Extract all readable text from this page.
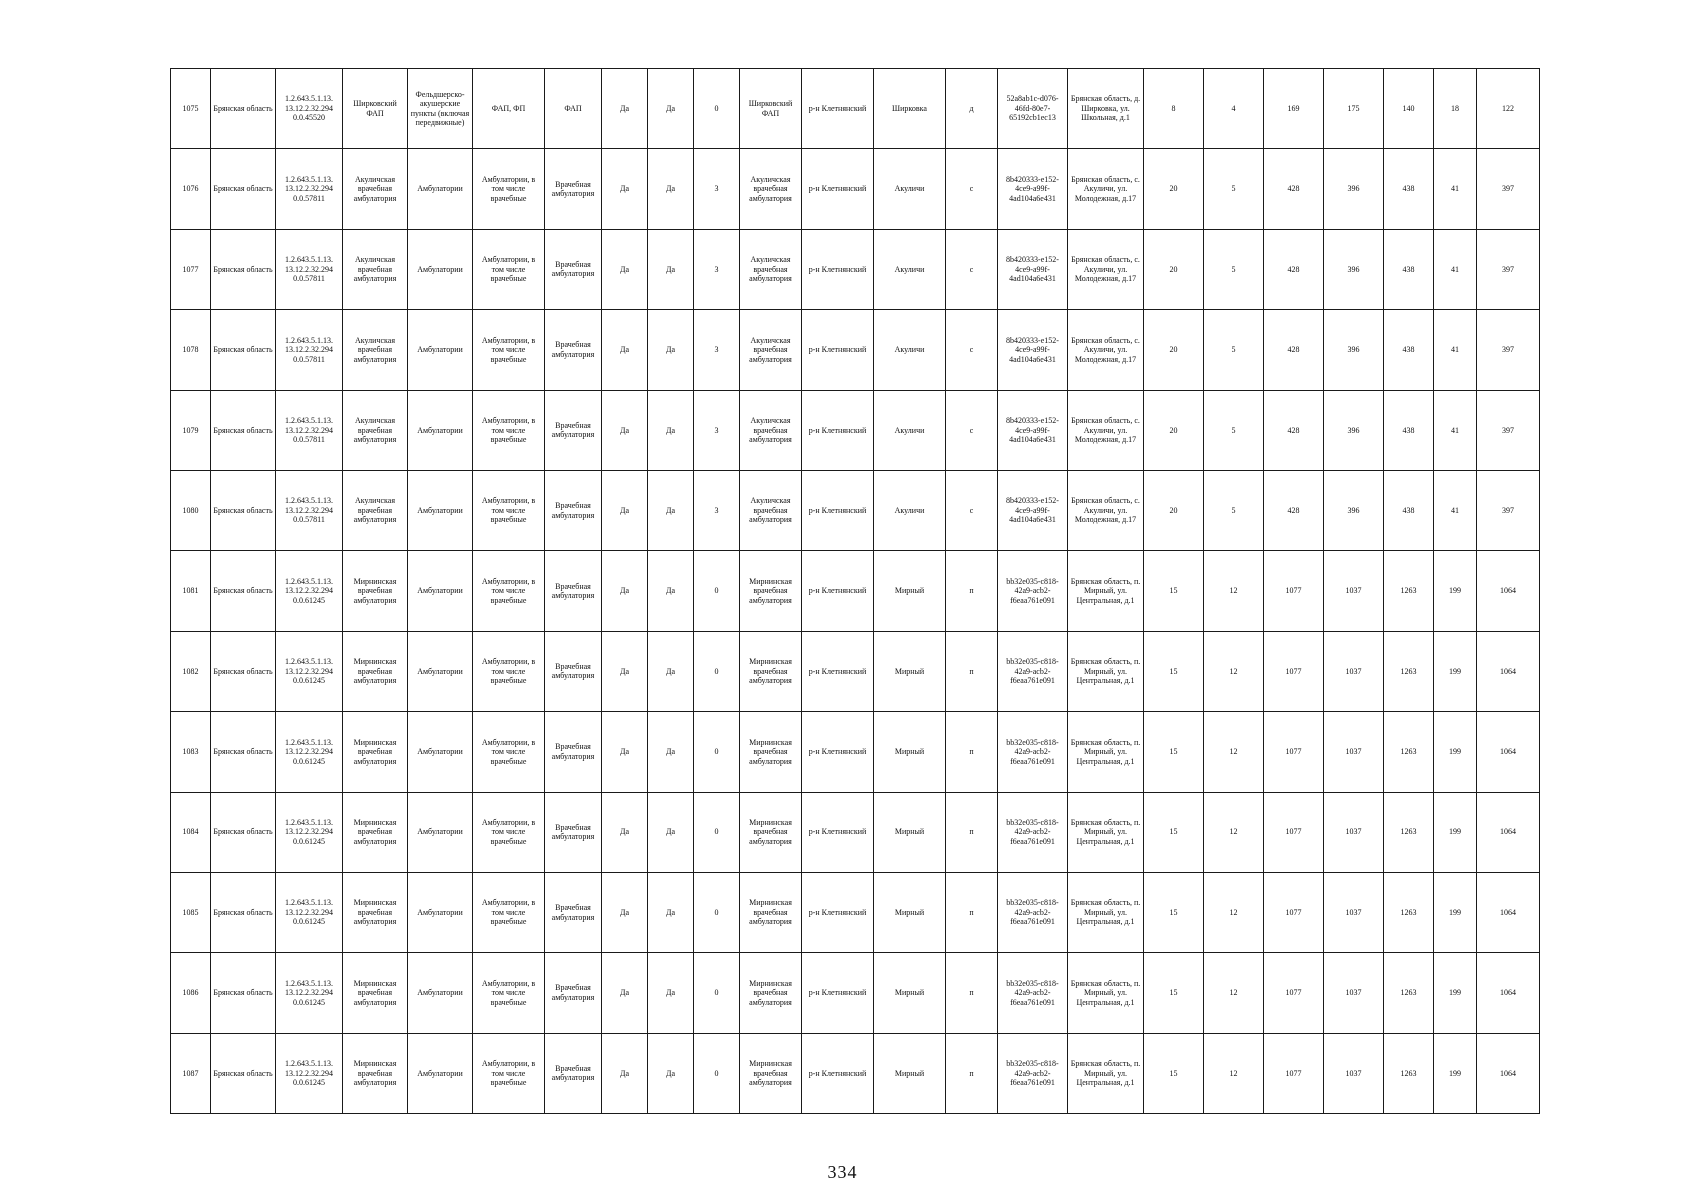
1075	Брянская область	1.2.643.5.1.13. 13.12.2.32.294 0.0.45520	Ширковский ФАП	Фельдшерско-акушерские пункты (включая передвижные)	ФАП, ФП	ФАП	Да	Да	0	Ширковский ФАП	р-н Клетнянский	Ширковка	д	52a8ab1c-d076-46fd-80e7-65192cb1ec13	Брянская область, д. Ширковка, ул. Школьная, д.1	8	4	169	175	140	18	122
1076	Брянская область	1.2.643.5.1.13. 13.12.2.32.294 0.0.57811	Акуличская врачебная амбулатория	Амбулатории	Амбулатории, в том числе врачебные	Врачебная амбулатория	Да	Да	3	Акуличская врачебная амбулатория	р-н Клетнянский	Акуличи	с	8b420333-e152-4ce9-a99f-4ad104a6e431	Брянская область, с. Акуличи, ул. Молодежная, д.17	20	5	428	396	438	41	397
1077	Брянская область	1.2.643.5.1.13. 13.12.2.32.294 0.0.57811	Акуличская врачебная амбулатория	Амбулатории	Амбулатории, в том числе врачебные	Врачебная амбулатория	Да	Да	3	Акуличская врачебная амбулатория	р-н Клетнянский	Акуличи	с	8b420333-e152-4ce9-a99f-4ad104a6e431	Брянская область, с. Акуличи, ул. Молодежная, д.17	20	5	428	396	438	41	397
1078	Брянская область	1.2.643.5.1.13. 13.12.2.32.294 0.0.57811	Акуличская врачебная амбулатория	Амбулатории	Амбулатории, в том числе врачебные	Врачебная амбулатория	Да	Да	3	Акуличская врачебная амбулатория	р-н Клетнянский	Акуличи	с	8b420333-e152-4ce9-a99f-4ad104a6e431	Брянская область, с. Акуличи, ул. Молодежная, д.17	20	5	428	396	438	41	397
1079	Брянская область	1.2.643.5.1.13. 13.12.2.32.294 0.0.57811	Акуличская врачебная амбулатория	Амбулатории	Амбулатории, в том числе врачебные	Врачебная амбулатория	Да	Да	3	Акуличская врачебная амбулатория	р-н Клетнянский	Акуличи	с	8b420333-e152-4ce9-a99f-4ad104a6e431	Брянская область, с. Акуличи, ул. Молодежная, д.17	20	5	428	396	438	41	397
1080	Брянская область	1.2.643.5.1.13. 13.12.2.32.294 0.0.57811	Акуличская врачебная амбулатория	Амбулатории	Амбулатории, в том числе врачебные	Врачебная амбулатория	Да	Да	3	Акуличская врачебная амбулатория	р-н Клетнянский	Акуличи	с	8b420333-e152-4ce9-a99f-4ad104a6e431	Брянская область, с. Акуличи, ул. Молодежная, д.17	20	5	428	396	438	41	397
1081	Брянская область	1.2.643.5.1.13. 13.12.2.32.294 0.0.61245	Мирнинская врачебная амбулатория	Амбулатории	Амбулатории, в том числе врачебные	Врачебная амбулатория	Да	Да	0	Мирнинская врачебная амбулатория	р-н Клетнянский	Мирный	п	bb32e035-c818-42a9-acb2-f6eaa761e091	Брянская область, п. Мирный, ул. Центральная, д.1	15	12	1077	1037	1263	199	1064
1082	Брянская область	1.2.643.5.1.13. 13.12.2.32.294 0.0.61245	Мирнинская врачебная амбулатория	Амбулатории	Амбулатории, в том числе врачебные	Врачебная амбулатория	Да	Да	0	Мирнинская врачебная амбулатория	р-н Клетнянский	Мирный	п	bb32e035-c818-42a9-acb2-f6eaa761e091	Брянская область, п. Мирный, ул. Центральная, д.1	15	12	1077	1037	1263	199	1064
1083	Брянская область	1.2.643.5.1.13. 13.12.2.32.294 0.0.61245	Мирнинская врачебная амбулатория	Амбулатории	Амбулатории, в том числе врачебные	Врачебная амбулатория	Да	Да	0	Мирнинская врачебная амбулатория	р-н Клетнянский	Мирный	п	bb32e035-c818-42a9-acb2-f6eaa761e091	Брянская область, п. Мирный, ул. Центральная, д.1	15	12	1077	1037	1263	199	1064
1084	Брянская область	1.2.643.5.1.13. 13.12.2.32.294 0.0.61245	Мирнинская врачебная амбулатория	Амбулатории	Амбулатории, в том числе врачебные	Врачебная амбулатория	Да	Да	0	Мирнинская врачебная амбулатория	р-н Клетнянский	Мирный	п	bb32e035-c818-42a9-acb2-f6eaa761e091	Брянская область, п. Мирный, ул. Центральная, д.1	15	12	1077	1037	1263	199	1064
1085	Брянская область	1.2.643.5.1.13. 13.12.2.32.294 0.0.61245	Мирнинская врачебная амбулатория	Амбулатории	Амбулатории, в том числе врачебные	Врачебная амбулатория	Да	Да	0	Мирнинская врачебная амбулатория	р-н Клетнянский	Мирный	п	bb32e035-c818-42a9-acb2-f6eaa761e091	Брянская область, п. Мирный, ул. Центральная, д.1	15	12	1077	1037	1263	199	1064
1086	Брянская область	1.2.643.5.1.13. 13.12.2.32.294 0.0.61245	Мирнинская врачебная амбулатория	Амбулатории	Амбулатории, в том числе врачебные	Врачебная амбулатория	Да	Да	0	Мирнинская врачебная амбулатория	р-н Клетнянский	Мирный	п	bb32e035-c818-42a9-acb2-f6eaa761e091	Брянская область, п. Мирный, ул. Центральная, д.1	15	12	1077	1037	1263	199	1064
1087	Брянская область	1.2.643.5.1.13. 13.12.2.32.294 0.0.61245	Мирнинская врачебная амбулатория	Амбулатории	Амбулатории, в том числе врачебные	Врачебная амбулатория	Да	Да	0	Мирнинская врачебная амбулатория	р-н Клетнянский	Мирный	п	bb32e035-c818-42a9-acb2-f6eaa761e091	Брянская область, п. Мирный, ул. Центральная, д.1	15	12	1077	1037	1263	199	1064
334
